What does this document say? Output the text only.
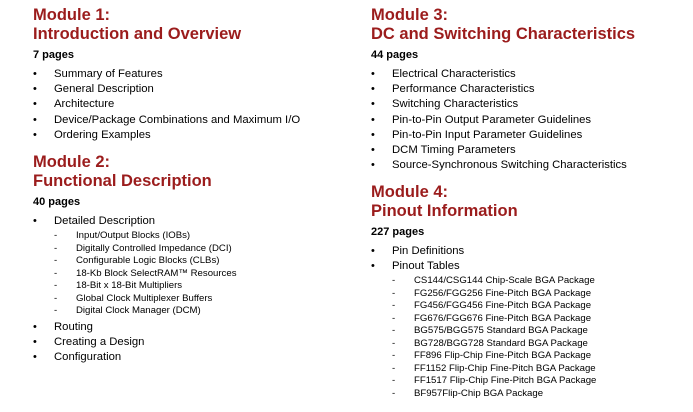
Module 1:
Introduction and Overview
7 pages
• Summary of Features
• General Description
• Architecture
• Device/Package Combinations and Maximum I/O
• Ordering Examples
Module 2:
Functional Description
40 pages
• Detailed Description
- Input/Output Blocks (IOBs)
- Digitally Controlled Impedance (DCI)
- Configurable Logic Blocks (CLBs)
- 18-Kb Block SelectRAM™ Resources
- 18-Bit x 18-Bit Multipliers
- Global Clock Multiplexer Buffers
- Digital Clock Manager (DCM)
• Routing
• Creating a Design
• Configuration
Module 3:
DC and Switching Characteristics
44 pages
• Electrical Characteristics
• Performance Characteristics
• Switching Characteristics
• Pin-to-Pin Output Parameter Guidelines
• Pin-to-Pin Input Parameter Guidelines
• DCM Timing Parameters
• Source-Synchronous Switching Characteristics
Module 4:
Pinout Information
227 pages
• Pin Definitions
• Pinout Tables
- CS144/CSG144 Chip-Scale BGA Package
- FG256/FGG256 Fine-Pitch BGA Package
- FG456/FGG456 Fine-Pitch BGA Package
- FG676/FGG676 Fine-Pitch BGA Package
- BG575/BGG575 Standard BGA Package
- BG728/BGG728 Standard BGA Package
- FF896 Flip-Chip Fine-Pitch BGA Package
- FF1152 Flip-Chip Fine-Pitch BGA Package
- FF1517 Flip-Chip Fine-Pitch BGA Package
- BF957Flip-Chip BGA Package
